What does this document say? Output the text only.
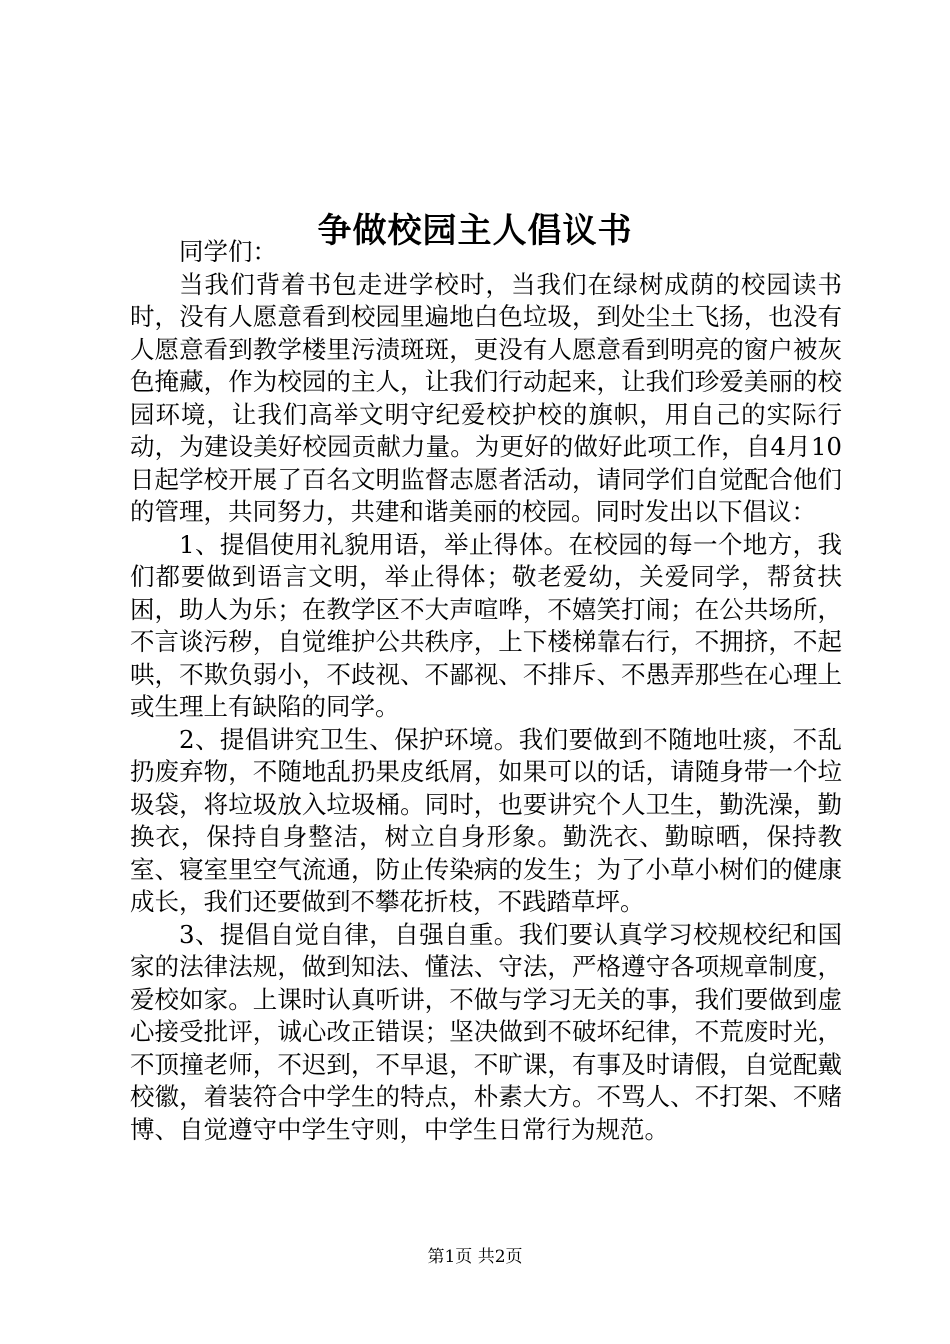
争做校园主人倡议书

同学们：

当我们背着书包走进学校时，当我们在绿树成荫的校园读书时，没有人愿意看到校园里遍地白色垃圾，到处尘土飞扬，也没有人愿意看到教学楼里污渍斑斑，更没有人愿意看到明亮的窗户被灰色掩藏，作为校园的主人，让我们行动起来，让我们珍爱美丽的校园环境，让我们高举文明守纪爱校护校的旗帜，用自己的实际行动，为建设美好校园贡献力量。为更好的做好此项工作，自4月10日起学校开展了百名文明监督志愿者活动，请同学们自觉配合他们的管理，共同努力，共建和谐美丽的校园。同时发出以下倡议：

1、提倡使用礼貌用语，举止得体。在校园的每一个地方，我们都要做到语言文明，举止得体；敬老爱幼，关爱同学，帮贫扶困，助人为乐；在教学区不大声喧哗，不嬉笑打闹；在公共场所，不言谈污秽，自觉维护公共秩序，上下楼梯靠右行，不拥挤，不起哄，不欺负弱小，不歧视、不鄙视、不排斥、不愚弄那些在心理上或生理上有缺陷的同学。

2、提倡讲究卫生、保护环境。我们要做到不随地吐痰，不乱扔废弃物，不随地乱扔果皮纸屑，如果可以的话，请随身带一个垃圾袋，将垃圾放入垃圾桶。同时，也要讲究个人卫生，勤洗澡，勤换衣，保持自身整洁，树立自身形象。勤洗衣、勤晾晒，保持教室、寝室里空气流通，防止传染病的发生；为了小草小树们的健康成长，我们还要做到不攀花折枝，不践踏草坪。

3、提倡自觉自律，自强自重。我们要认真学习校规校纪和国家的法律法规，做到知法、懂法、守法，严格遵守各项规章制度，爱校如家。上课时认真听讲，不做与学习无关的事，我们要做到虚心接受批评，诚心改正错误；坚决做到不破坏纪律，不荒废时光，不顶撞老师，不迟到，不早退，不旷课，有事及时请假，自觉配戴校徽，着装符合中学生的特点，朴素大方。不骂人、不打架、不赌博、自觉遵守中学生守则，中学生日常行为规范。

第1页 共2页
